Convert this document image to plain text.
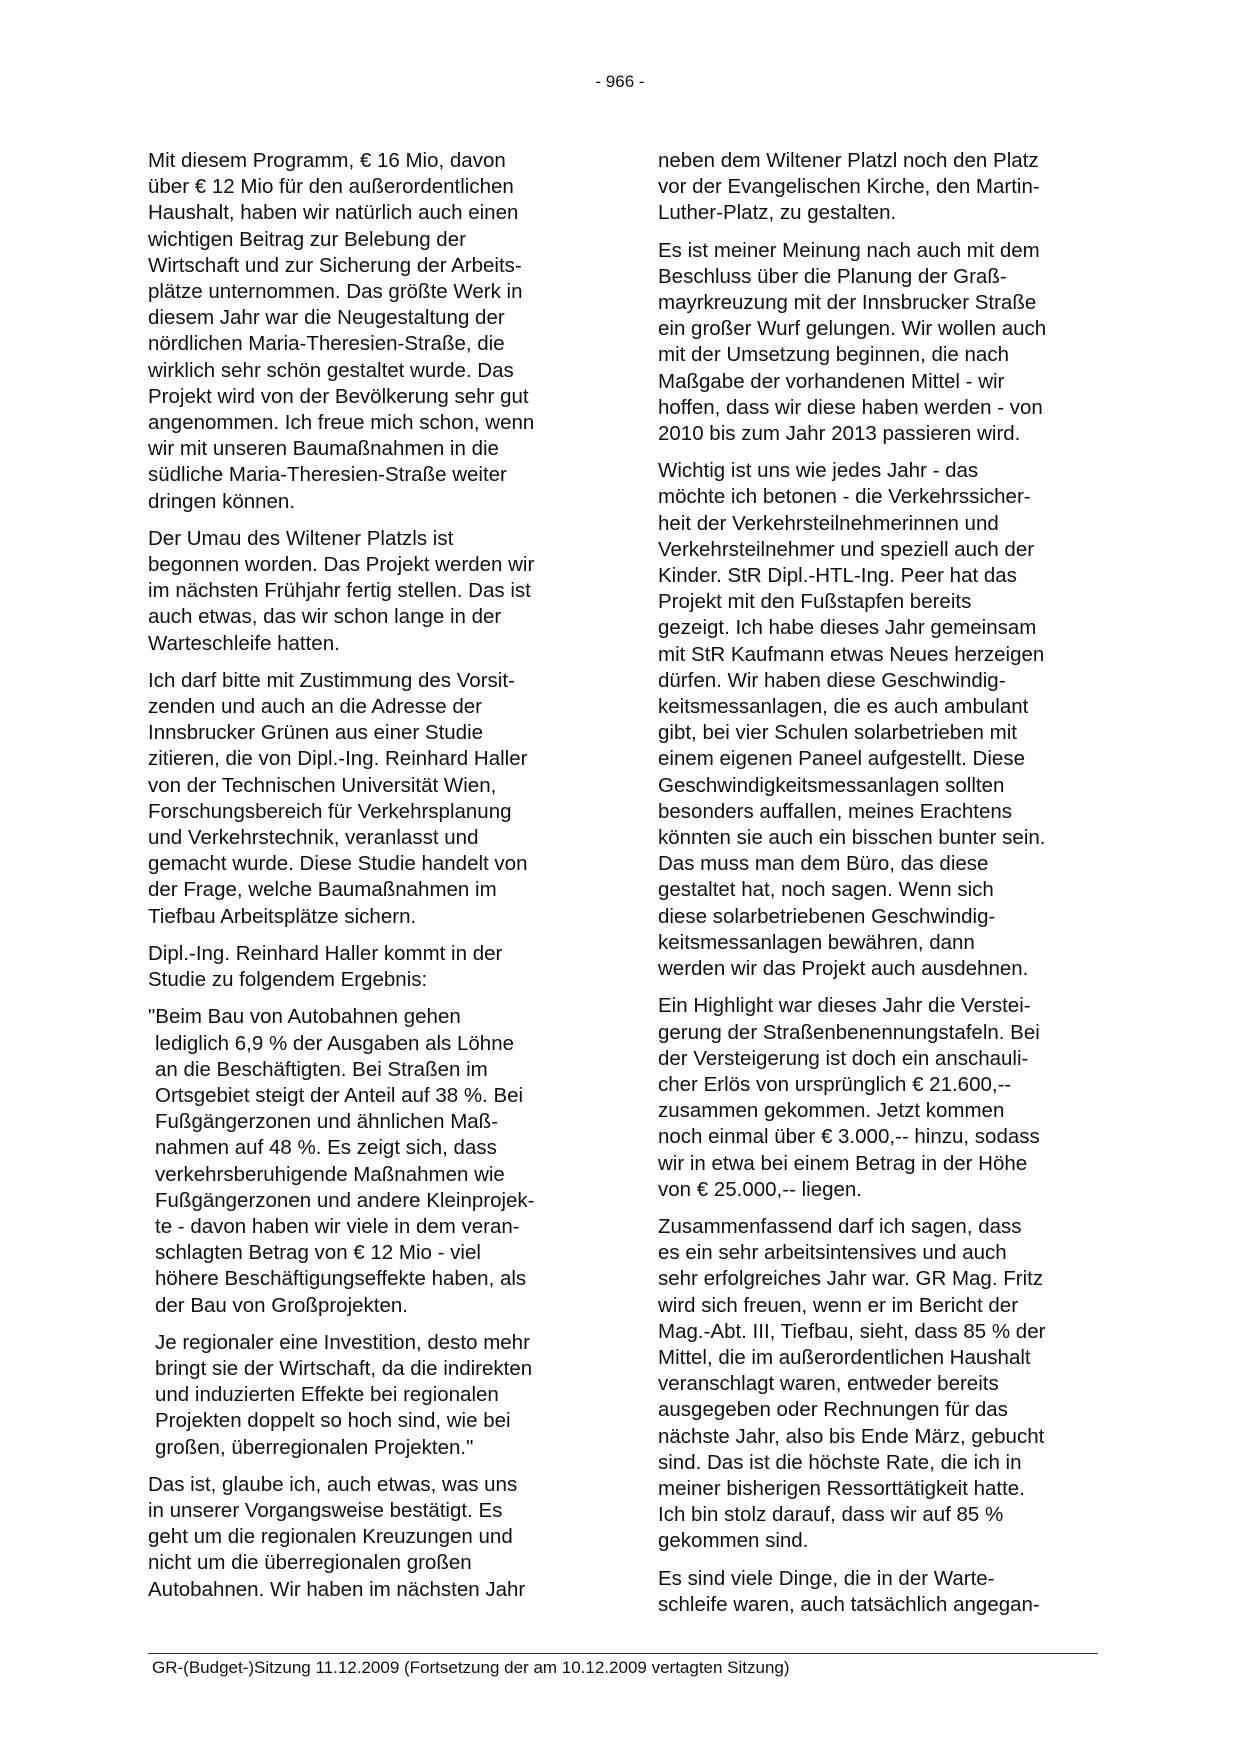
- 966 -
Mit diesem Programm, € 16 Mio, davon
über € 12 Mio für den außerordentlichen
Haushalt, haben wir natürlich auch einen
wichtigen Beitrag zur Belebung der
Wirtschaft und zur Sicherung der Arbeits-
plätze unternommen. Das größte Werk in
diesem Jahr war die Neugestaltung der
nördlichen Maria-Theresien-Straße, die
wirklich sehr schön gestaltet wurde. Das
Projekt wird von der Bevölkerung sehr gut
angenommen. Ich freue mich schon, wenn
wir mit unseren Baumaßnahmen in die
südliche Maria-Theresien-Straße weiter
dringen können.
Der Umau des Wiltener Platzls ist
begonnen worden. Das Projekt werden wir
im nächsten Frühjahr fertig stellen. Das ist
auch etwas, das wir schon lange in der
Warteschleife hatten.
Ich darf bitte mit Zustimmung des Vorsit-
zenden und auch an die Adresse der
Innsbrucker Grünen aus einer Studie
zitieren, die von Dipl.-Ing. Reinhard Haller
von der Technischen Universität Wien,
Forschungsbereich für Verkehrsplanung
und Verkehrstechnik, veranlasst und
gemacht wurde. Diese Studie handelt von
der Frage, welche Baumaßnahmen im
Tiefbau Arbeitsplätze sichern.
Dipl.-Ing. Reinhard Haller kommt in der
Studie zu folgendem Ergebnis:
"Beim Bau von Autobahnen gehen
lediglich 6,9 % der Ausgaben als Löhne
an die Beschäftigten. Bei Straßen im
Ortsgebiet steigt der Anteil auf 38 %. Bei
Fußgängerzonen und ähnlichen Maß-
nahmen auf 48 %. Es zeigt sich, dass
verkehrsberuhigende Maßnahmen wie
Fußgängerzonen und andere Kleinprojek-
te - davon haben wir viele in dem veran-
schlagten Betrag von € 12 Mio - viel
höhere Beschäftigungseffekte haben, als
der Bau von Großprojekten.
Je regionaler eine Investition, desto mehr
bringt sie der Wirtschaft, da die indirekten
und induzierten Effekte bei regionalen
Projekten doppelt so hoch sind, wie bei
großen, überregionalen Projekten."
Das ist, glaube ich, auch etwas, was uns
in unserer Vorgangsweise bestätigt. Es
geht um die regionalen Kreuzungen und
nicht um die überregionalen großen
Autobahnen. Wir haben im nächsten Jahr
neben dem Wiltener Platzl noch den Platz
vor der Evangelischen Kirche, den Martin-
Luther-Platz, zu gestalten.
Es ist meiner Meinung nach auch mit dem
Beschluss über die Planung der Graß-
mayrkreuzung mit der Innsbrucker Straße
ein großer Wurf gelungen. Wir wollen auch
mit der Umsetzung beginnen, die nach
Maßgabe der vorhandenen Mittel - wir
hoffen, dass wir diese haben werden - von
2010 bis zum Jahr 2013 passieren wird.
Wichtig ist uns wie jedes Jahr - das
möchte ich betonen - die Verkehrssicher-
heit der Verkehrsteilnehmerinnen und
Verkehrsteilnehmer und speziell auch der
Kinder. StR Dipl.-HTL-Ing. Peer hat das
Projekt mit den Fußstapfen bereits
gezeigt. Ich habe dieses Jahr gemeinsam
mit StR Kaufmann etwas Neues herzeigen
dürfen. Wir haben diese Geschwindig-
keitsmessanlagen, die es auch ambulant
gibt, bei vier Schulen solarbetrieben mit
einem eigenen Paneel aufgestellt. Diese
Geschwindigkeitsmessanlagen sollten
besonders auffallen, meines Erachtens
könnten sie auch ein bisschen bunter sein.
Das muss man dem Büro, das diese
gestaltet hat, noch sagen. Wenn sich
diese solarbetriebenen Geschwindig-
keitsmessanlagen bewähren, dann
werden wir das Projekt auch ausdehnen.
Ein Highlight war dieses Jahr die Verstei-
gerung der Straßenbenennungstafeln. Bei
der Versteigerung ist doch ein anschauli-
cher Erlös von ursprünglich € 21.600,--
zusammen gekommen. Jetzt kommen
noch einmal über € 3.000,-- hinzu, sodass
wir in etwa bei einem Betrag in der Höhe
von € 25.000,-- liegen.
Zusammenfassend darf ich sagen, dass
es ein sehr arbeitsintensives und auch
sehr erfolgreiches Jahr war. GR Mag. Fritz
wird sich freuen, wenn er im Bericht der
Mag.-Abt. III, Tiefbau, sieht, dass 85 % der
Mittel, die im außerordentlichen Haushalt
veranschlagt waren, entweder bereits
ausgegeben oder Rechnungen für das
nächste Jahr, also bis Ende März, gebucht
sind. Das ist die höchste Rate, die ich in
meiner bisherigen Ressorttätigkeit hatte.
Ich bin stolz darauf, dass wir auf 85 %
gekommen sind.
Es sind viele Dinge, die in der Warte-
schleife waren, auch tatsächlich angegan-
GR-(Budget-)Sitzung 11.12.2009 (Fortsetzung der am 10.12.2009 vertagten Sitzung)
